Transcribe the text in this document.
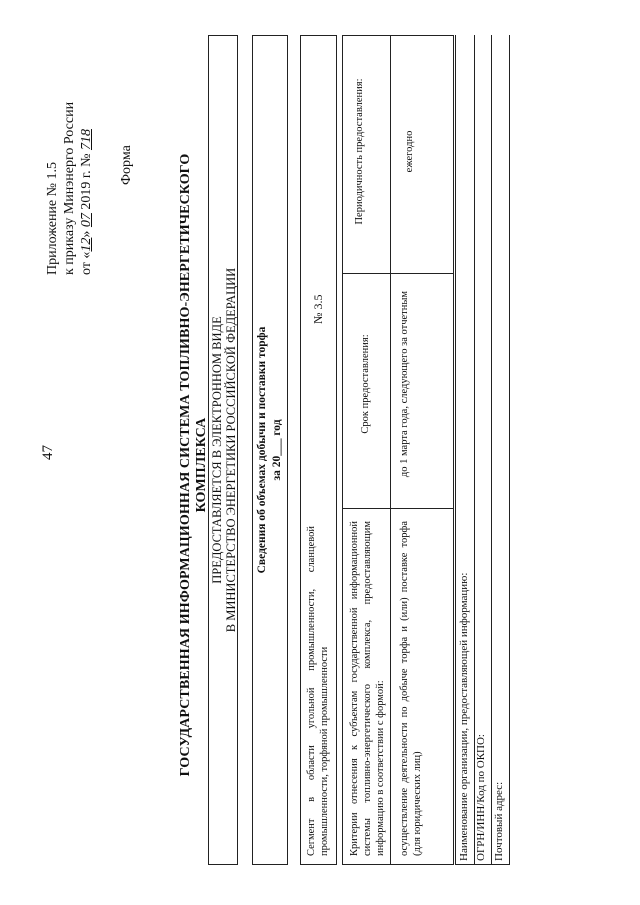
47
Приложение № 1.5 к приказу Минэнерго России от «12» 07 2019 г. № 718
Форма	ГОСУДАРСТВЕННАЯ ИНФОРМАЦИОННАЯ СИСТЕМА ТОПЛИВНО-ЭНЕРГЕТИЧЕСКОГО КОМПЛЕКСА ПРЕДОСТАВЛЯЕТСЯ В ЭЛЕКТРОННОМ ВИДЕ В МИНИСТЕРСТВО ЭНЕРГЕТИКИ РОССИЙСКОЙ ФЕДЕРАЦИИ Сведения об объемах добычи и поставки торфа за 20___ год
Сегмент в области угольной промышленности, сланцевой промышленности, торфяной промышленности
№ 3.5
Критерии отнесения к субъектам государственной информационной системы топливно-энергетического комплекса, предоставляющим информацию в соответствии с формой:
Срок предоставления:
Периодичность предоставления:
осуществление деятельности по добыче торфа и (или) поставке торфа (для юридических лиц)
до 1 марта года, следующего за отчетным
ежегодно
Наименование организации, предоставляющей информацию: ОГРН/ИНН/Код по ОКПО: Почтовый адрес:
